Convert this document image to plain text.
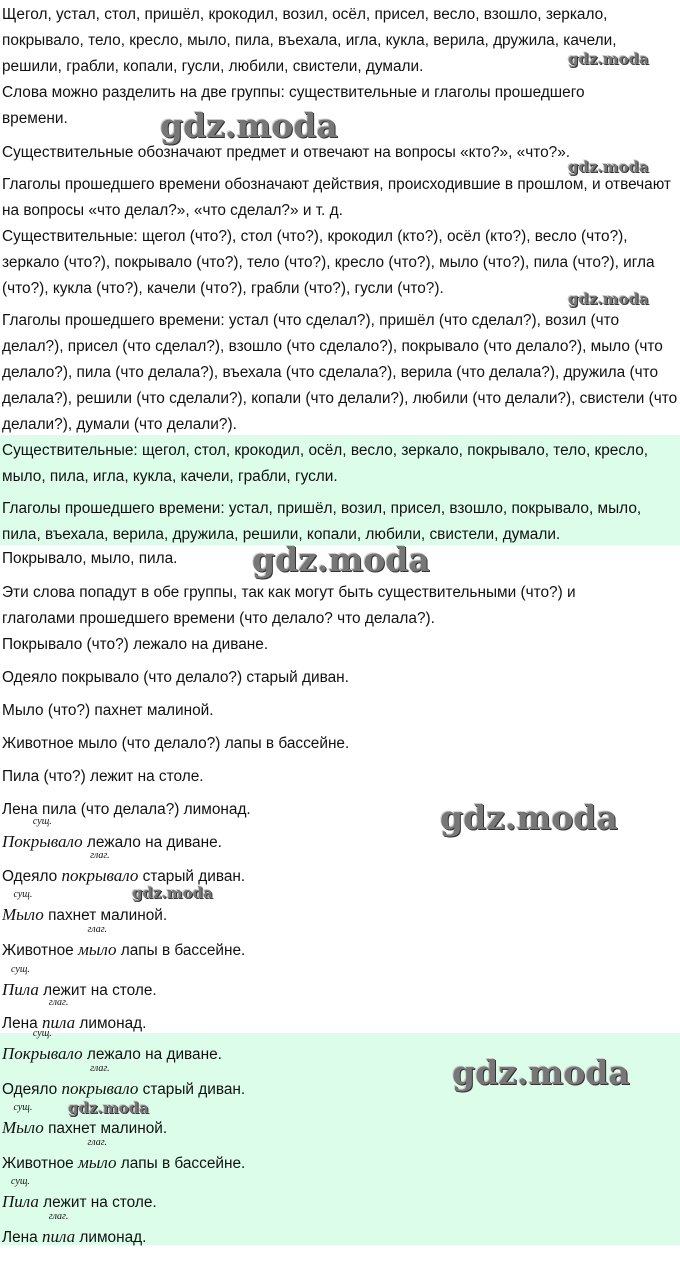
Щегол, устал, стол, пришёл, крокодил, возил, осёл, присел, весло, взошло, зеркало, покрывало, тело, кресло, мыло, пила, въехала, игла, кукла, верила, дружила, качели, решили, грабли, копали, гусли, любили, свистели, думали.
Слова можно разделить на две группы: существительные и глаголы прошедшего времени.
Существительные обозначают предмет и отвечают на вопросы «кто?», «что?».
Глаголы прошедшего времени обозначают действия, происходившие в прошлом, и отвечают на вопросы «что делал?», «что сделал?» и т. д.
Существительные: щегол (что?), стол (что?), крокодил (кто?), осёл (кто?), весло (что?), зеркало (что?), покрывало (что?), тело (что?), кресло (что?), мыло (что?), пила (что?), игла (что?), кукла (что?), качели (что?), грабли (что?), гусли (что?).
Глаголы прошедшего времени: устал (что сделал?), пришёл (что сделал?), возил (что делал?), присел (что сделал?), взошло (что сделало?), покрывало (что делало?), мыло (что делало?), пила (что делала?), въехала (что сделала?), верила (что делала?), дружила (что делала?), решили (что сделали?), копали (что делали?), любили (что делали?), свистели (что делали?), думали (что делали?).
Существительные: щегол, стол, крокодил, осёл, весло, зеркало, покрывало, тело, кресло, мыло, пила, игла, кукла, качели, грабли, гусли.
Глаголы прошедшего времени: устал, пришёл, возил, присел, взошло, покрывало, мыло, пила, въехала, верила, дружила, решили, копали, любили, свистели, думали.
Покрывало, мыло, пила.
Эти слова попадут в обе группы, так как могут быть существительными (что?) и глаголами прошедшего времени (что делало? что делала?).
Покрывало (что?) лежало на диване.
Одеяло покрывало (что делало?) старый диван.
Мыло (что?) пахнет малиной.
Животное мыло (что делало?) лапы в бассейне.
Пила (что?) лежит на столе.
Лена пила (что делала?) лимонад.
сущ.
Покрывало лежало на диване.
Одеяло
глаг.
покрывало старый диван.
сущ.
Мыло пахнет малиной.
Животное
глаг.
мыло лапы в бассейне.
сущ.
Пила лежит на столе.
Лена
глаг.
пила лимонад.
сущ.
Покрывало лежало на диване.
Одеяло
глаг.
покрывало старый диван.
сущ.
Мыло пахнет малиной.
Животное
глаг.
мыло лапы в бассейне.
сущ.
Пила лежит на столе.
Лена
глаг.
пила лимонад.
gdz.moda
gdz.moda
gdz.moda
gdz.moda
gdz.moda
gdz.moda
gdz.moda
gdz.moda
gdz.moda
